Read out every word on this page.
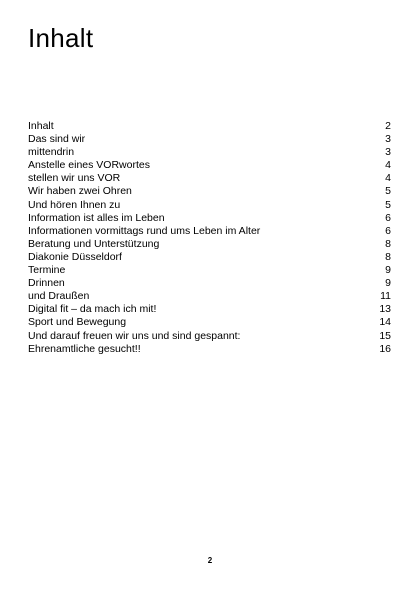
Inhalt
Inhalt	2
Das sind wir	3
mittendrin	3
Anstelle eines VORwortes	4
stellen wir uns VOR	4
Wir haben zwei Ohren	5
Und hören Ihnen zu	5
Information ist alles im Leben	6
Informationen vormittags rund ums Leben im Alter	6
Beratung und Unterstützung	8
Diakonie Düsseldorf	8
Termine	9
Drinnen	9
und Draußen	11
Digital fit – da mach ich mit!	13
Sport und Bewegung	14
Und darauf freuen wir uns und sind gespannt:	15
Ehrenamtliche gesucht!!	16
2
